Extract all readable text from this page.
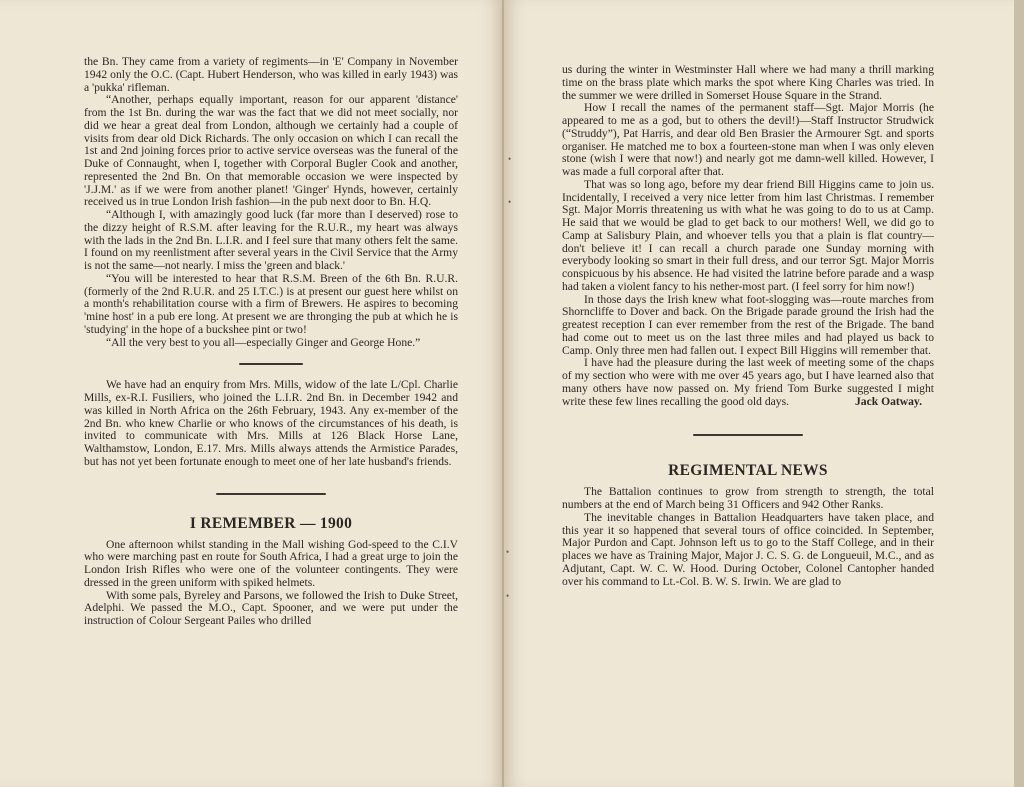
the Bn. They came from a variety of regiments—in 'E' Company in November 1942 only the O.C. (Capt. Hubert Henderson, who was killed in early 1943) was a 'pukka' rifleman.

“Another, perhaps equally important, reason for our apparent 'distance' from the 1st Bn. during the war was the fact that we did not meet socially, nor did we hear a great deal from London, although we certainly had a couple of visits from dear old Dick Richards. The only occasion on which I can recall the 1st and 2nd joining forces prior to active service overseas was the funeral of the Duke of Connaught, when I, together with Corporal Bugler Cook and another, represented the 2nd Bn. On that memorable occasion we were inspected by 'J.J.M.' as if we were from another planet! 'Ginger' Hynds, however, certainly received us in true London Irish fashion—in the pub next door to Bn. H.Q.

“Although I, with amazingly good luck (far more than I deserved) rose to the dizzy height of R.S.M. after leaving for the R.U.R., my heart was always with the lads in the 2nd Bn. L.I.R. and I feel sure that many others felt the same. I found on my reenlistment after several years in the Civil Service that the Army is not the same—not nearly. I miss the 'green and black.'

“You will be interested to hear that R.S.M. Breen of the 6th Bn. R.U.R. (formerly of the 2nd R.U.R. and 25 I.T.C.) is at present our guest here whilst on a month's rehabilitation course with a firm of Brewers. He aspires to becoming 'mine host' in a pub ere long. At present we are thronging the pub at which he is 'studying' in the hope of a buckshee pint or two!

“All the very best to you all—especially Ginger and George Hone.”

We have had an enquiry from Mrs. Mills, widow of the late L/Cpl. Charlie Mills, ex-R.I. Fusiliers, who joined the L.I.R. 2nd Bn. in December 1942 and was killed in North Africa on the 26th February, 1943. Any ex-member of the 2nd Bn. who knew Charlie or who knows of the circumstances of his death, is invited to communicate with Mrs. Mills at 126 Black Horse Lane, Walthamstow, London, E.17. Mrs. Mills always attends the Armistice Parades, but has not yet been fortunate enough to meet one of her late husband's friends.

I REMEMBER — 1900

One afternoon whilst standing in the Mall wishing God-speed to the C.I.V who were marching past en route for South Africa, I had a great urge to join the London Irish Rifles who were one of the volunteer contingents. They were dressed in the green uniform with spiked helmets.

With some pals, Byreley and Parsons, we followed the Irish to Duke Street, Adelphi. We passed the M.O., Capt. Spooner, and we were put under the instruction of Colour Sergeant Pailes who drilled

•
•
•
•

us during the winter in Westminster Hall where we had many a thrill marking time on the brass plate which marks the spot where King Charles was tried. In the summer we were drilled in Somerset House Square in the Strand.

How I recall the names of the permanent staff—Sgt. Major Morris (he appeared to me as a god, but to others the devil!)—Staff Instructor Strudwick (“Struddy”), Pat Harris, and dear old Ben Brasier the Armourer Sgt. and sports organiser. He matched me to box a fourteen-stone man when I was only eleven stone (wish I were that now!) and nearly got me damn-well killed. However, I was made a full corporal after that.

That was so long ago, before my dear friend Bill Higgins came to join us. Incidentally, I received a very nice letter from him last Christmas. I remember Sgt. Major Morris threatening us with what he was going to do to us at Camp. He said that we would be glad to get back to our mothers! Well, we did go to Camp at Salisbury Plain, and whoever tells you that a plain is flat country—don't believe it! I can recall a church parade one Sunday morning with everybody looking so smart in their full dress, and our terror Sgt. Major Morris conspicuous by his absence. He had visited the latrine before parade and a wasp had taken a violent fancy to his nether-most part. (I feel sorry for him now!)

In those days the Irish knew what foot-slogging was—route marches from Shorncliffe to Dover and back. On the Brigade parade ground the Irish had the greatest reception I can ever remember from the rest of the Brigade. The band had come out to meet us on the last three miles and had played us back to Camp. Only three men had fallen out. I expect Bill Higgins will remember that.

I have had the pleasure during the last week of meeting some of the chaps of my section who were with me over 45 years ago, but I have learned also that many others have now passed on. My friend Tom Burke suggested I might write these few lines recalling the good old days.	Jack Oatway.

REGIMENTAL NEWS

The Battalion continues to grow from strength to strength, the total numbers at the end of March being 31 Officers and 942 Other Ranks.

The inevitable changes in Battalion Headquarters have taken place, and this year it so happened that several tours of office coincided. In September, Major Purdon and Capt. Johnson left us to go to the Staff College, and in their places we have as Training Major, Major J. C. S. G. de Longueuil, M.C., and as Adjutant, Capt. W. C. W. Hood. During October, Colonel Cantopher handed over his command to Lt.-Col. B. W. S. Irwin. We are glad to
